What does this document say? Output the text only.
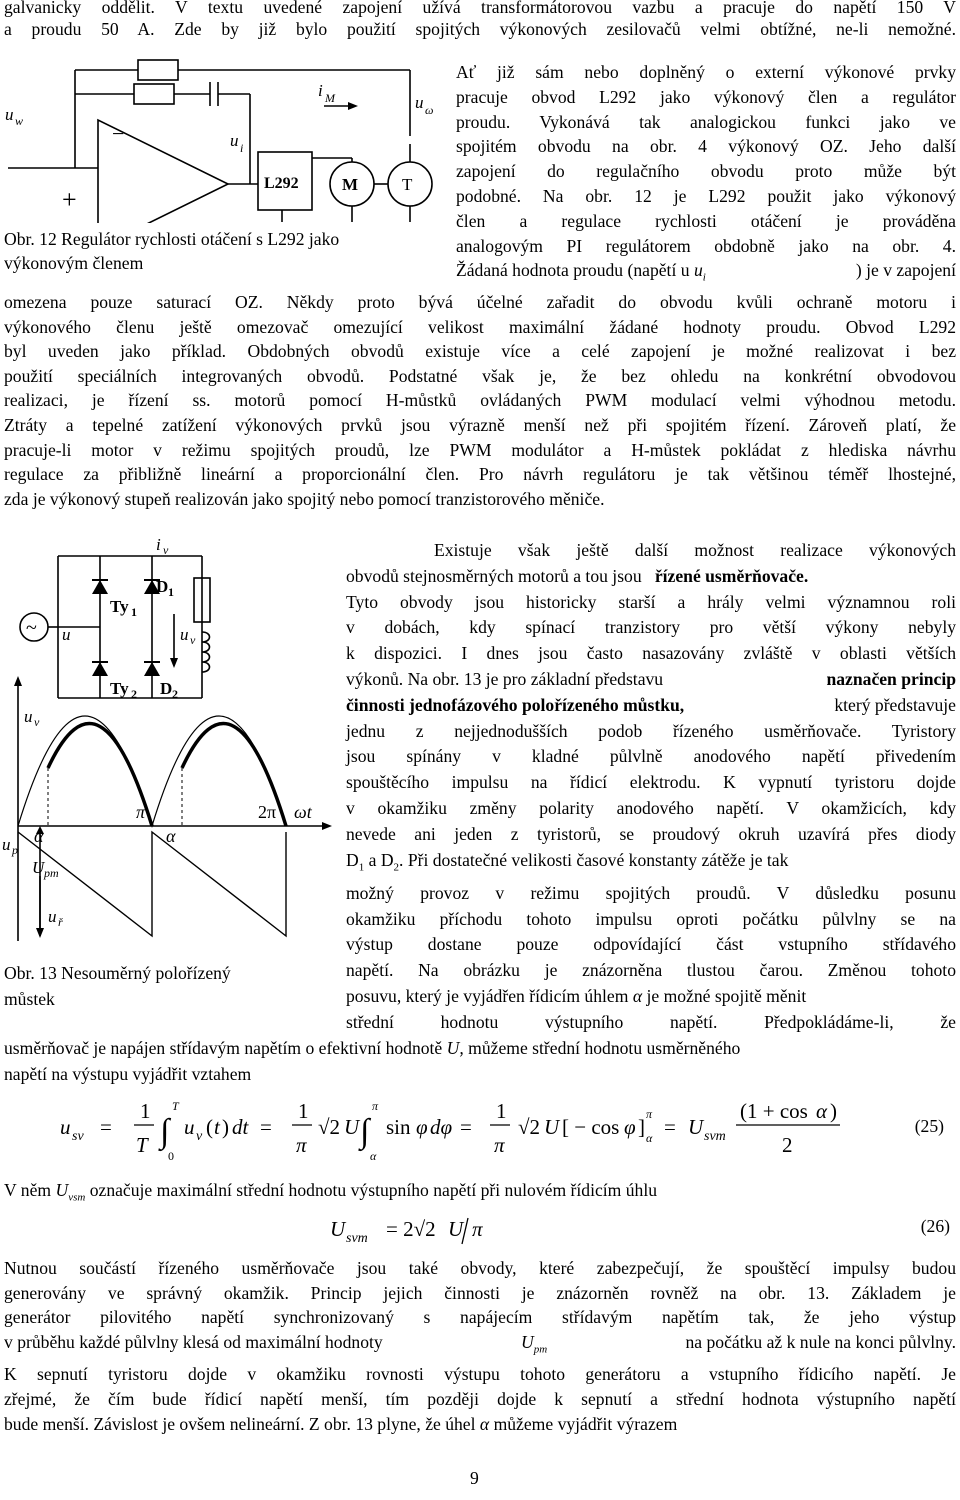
galvanicky oddělit. V textu uvedené zapojení užívá transformátorovou vazbu a pracuje do napětí 150 V
a proudu 50 A. Zde by již bylo použití spojitých výkonových zesilovačů velmi obtížné, ne-li nemožné.
+
−
u w
u i
L292	M	T
i M	u ω
Obr. 12 Regulátor rychlosti otáčení s L292 jako
výkonovým členem
Ať již sám nebo doplněný o externí výkonové prvky
pracuje obvod L292 jako výkonový člen a regulátor
proudu. Vykonává tak analogickou funkci jako ve
spojitém obvodu na obr. 4 výkonový OZ. Jeho další
zapojení do regulačního obvodu proto může být
podobné. Na obr. 12 je L292 použit jako výkonový
člen a regulace rychlosti otáčení je prováděna
analogovým PI regulátorem obdobně jako na obr. 4.
Žádaná hodnota proudu (napětí u $u_i$	) je v zapojení
omezena pouze saturací OZ. Někdy proto bývá účelné zařadit do obvodu kvůli ochraně motoru i
výkonového členu ještě omezovač omezující velikost maximální žádané hodnoty proudu. Obvod L292
byl uveden jako příklad. Obdobných obvodů existuje více a celé zapojení je možné realizovat i bez
použití speciálních integrovaných obvodů. Podstatné však je, že bez ohledu na konkrétní obvodovou
realizaci, je řízení ss. motorů pomocí H-můstků ovládaných PWM modulací velmi výhodnou metodu.
Ztráty a tepelné zatížení výkonových prvků jsou výrazně menší než při spojitém řízení. Zároveň platí, že
pracuje-li motor v režimu spojitých proudů, lze PWM modulátor a H-můstek pokládat z hlediska návrhu
regulace za přibližně lineární a proporcionální člen. Pro návrh regulátoru je tak většinou téměř lhostejné,
zda je výkonový stupeň realizován jako spojitý nebo pomocí tranzistorového měniče.
~ u
i v
Ty 1
Ty 2
D 1
D 2
u v
u v
u p
U pm
u ř
α	α
π	2π ωt
Obr. 13 Nesouměrný polořízený
můstek
Existuje však ještě další možnost realizace výkonových
obvodů stejnosměrných motorů a tou jsou řízené usměrňovače.
Tyto obvody jsou historicky starší a hrály velmi významnou roli
v dobách, kdy spínací tranzistory pro větší výkony nebyly
k dispozici. I dnes jsou často nasazovány zvláště v oblasti větších
výkonů. Na obr. 13 je pro základní představu	naznačen princip
činnosti jednofázového polořízeného můstku,	který představuje
jednu z nejjednodušších podob řízeného usměrňovače. Tyristory
jsou spínány v kladné půlvlně anodového napětí přivedením
spouštěcího impulsu na řídicí elektrodu. K vypnutí tyristoru dojde
v okamžiku změny polarity anodového napětí. V okamžicích, kdy
nevede ani jeden z tyristorů, se proudový okruh uzavírá přes diody
$D_1$ a $D_2$. Při dostatečné velikosti časové konstanty zátěže je tak
možný provoz v režimu spojitých proudů. V důsledku posunu
okamžiku příchodu tohoto impulsu oproti počátku půlvlny se na
výstup dostane pouze odpovídající část vstupního střídavého
napětí. Na obrázku je znázorněna tlustou čarou. Změnou tohoto
posuvu, který je vyjádřen řídicím úhlem α je možné spojitě měnit
střední hodnotu výstupního napětí. Předpokládáme-li, že
usměrňovač je napájen střídavým napětím o efektivní hodnotě U, můžeme střední hodnotu usměrněného
napětí na výstupu vyjádřit vztahem
u sv =
1
T ∫
T
0
u v ( t ) dt =
1
π
√2 U ∫
π
α
sin φ dφ =
1
π
√2 U [ − cos φ ]
π
α = U svm
(1 + cos α )
2
(25)
V něm $U_{vsm}$ označuje maximální střední hodnotu výstupního napětí při nulovém řídicím úhlu
U svm = 2√2 U π	(26)
Nutnou součástí řízeného usměrňovače jsou také obvody, které zabezpečují, že spouštěcí impulsy budou
generovány ve správný okamžik. Princip jejich činnosti je znázorněn rovněž na obr. 13. Základem je
generátor pilovitého napětí synchronizovaný s napájecím střídavým napětím tak, že jeho výstup
v průběhu každé půlvlny klesá od maximální hodnoty	$U_{pm}$	na počátku až k nule na konci půlvlny.
K sepnutí tyristoru dojde v okamžiku rovnosti výstupu tohoto generátoru a vstupního řídicího napětí. Je
zřejmé, že čím bude řídicí napětí menší, tím později dojde k sepnutí a střední hodnota výstupního napětí
bude menší. Závislost je ovšem nelineární. Z obr. 13 plyne, že úhel α můžeme vyjádřit výrazem
9
